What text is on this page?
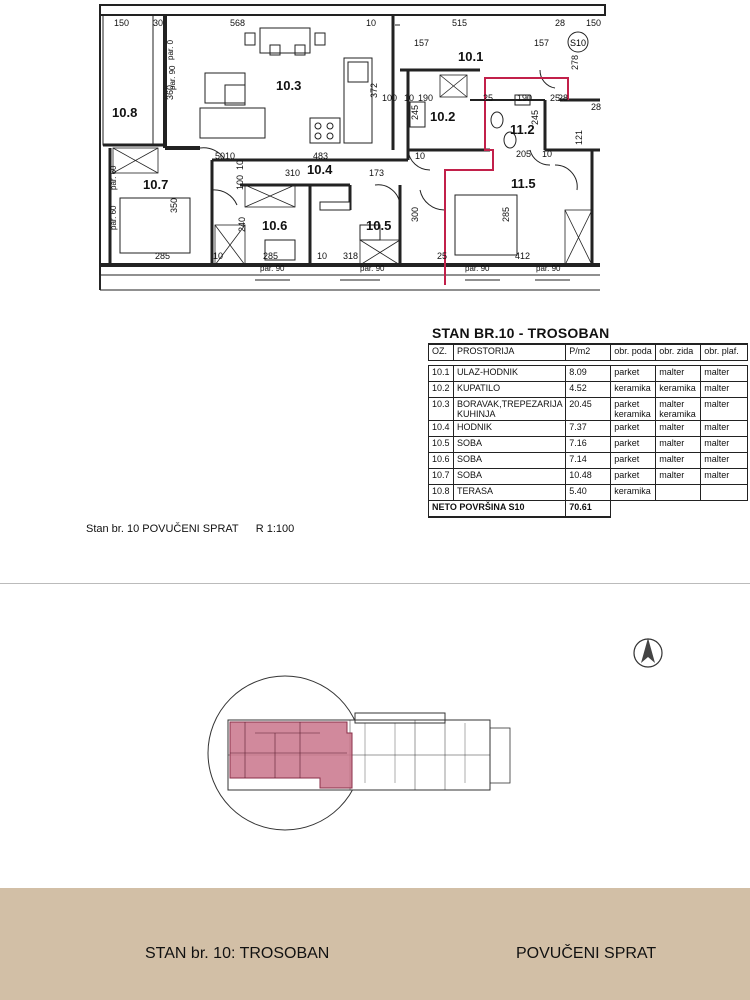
10.8
10.3
10.1
10.2
11.2
10.7
10.4
11.5
10.6	10.5
S10
150	30	568	10	515	28 150
157	157
278
372 100
360
par. 90
par. 0
10 190	25	190
245	245
25
121
28
28
5010	483	205 10
10
310	173
10
100
par. 60
350
240
300	285
par. 60
285	10	285	10 318	25	412
par. 90	par. 90	par. 90	par. 90
STAN BR.10 - TROSOBAN
OZ.	PROSTORIJA	P/m2	obr. poda	obr. zida	obr. plaf.

10.1	ULAZ-HODNIK	8.09	parket	malter	malter
10.2	KUPATILO	4.52	keramika	keramika	malter
10.3	BORAVAK,TREPEZARIJA KUHINJA	20.45	parket keramika	malter keramika	malter
10.4	HODNIK	7.37	parket	malter	malter
10.5	SOBA	7.16	parket	malter	malter
10.6	SOBA	7.14	parket	malter	malter
10.7	SOBA	10.48	parket	malter	malter
10.8	TERASA	5.40	keramika		
NETO POVRŠINA S10		70.61			
Stan br. 10 POVUČENI SPRAT R 1:100
STAN br. 10: TROSOBAN	POVUČENI SPRAT
